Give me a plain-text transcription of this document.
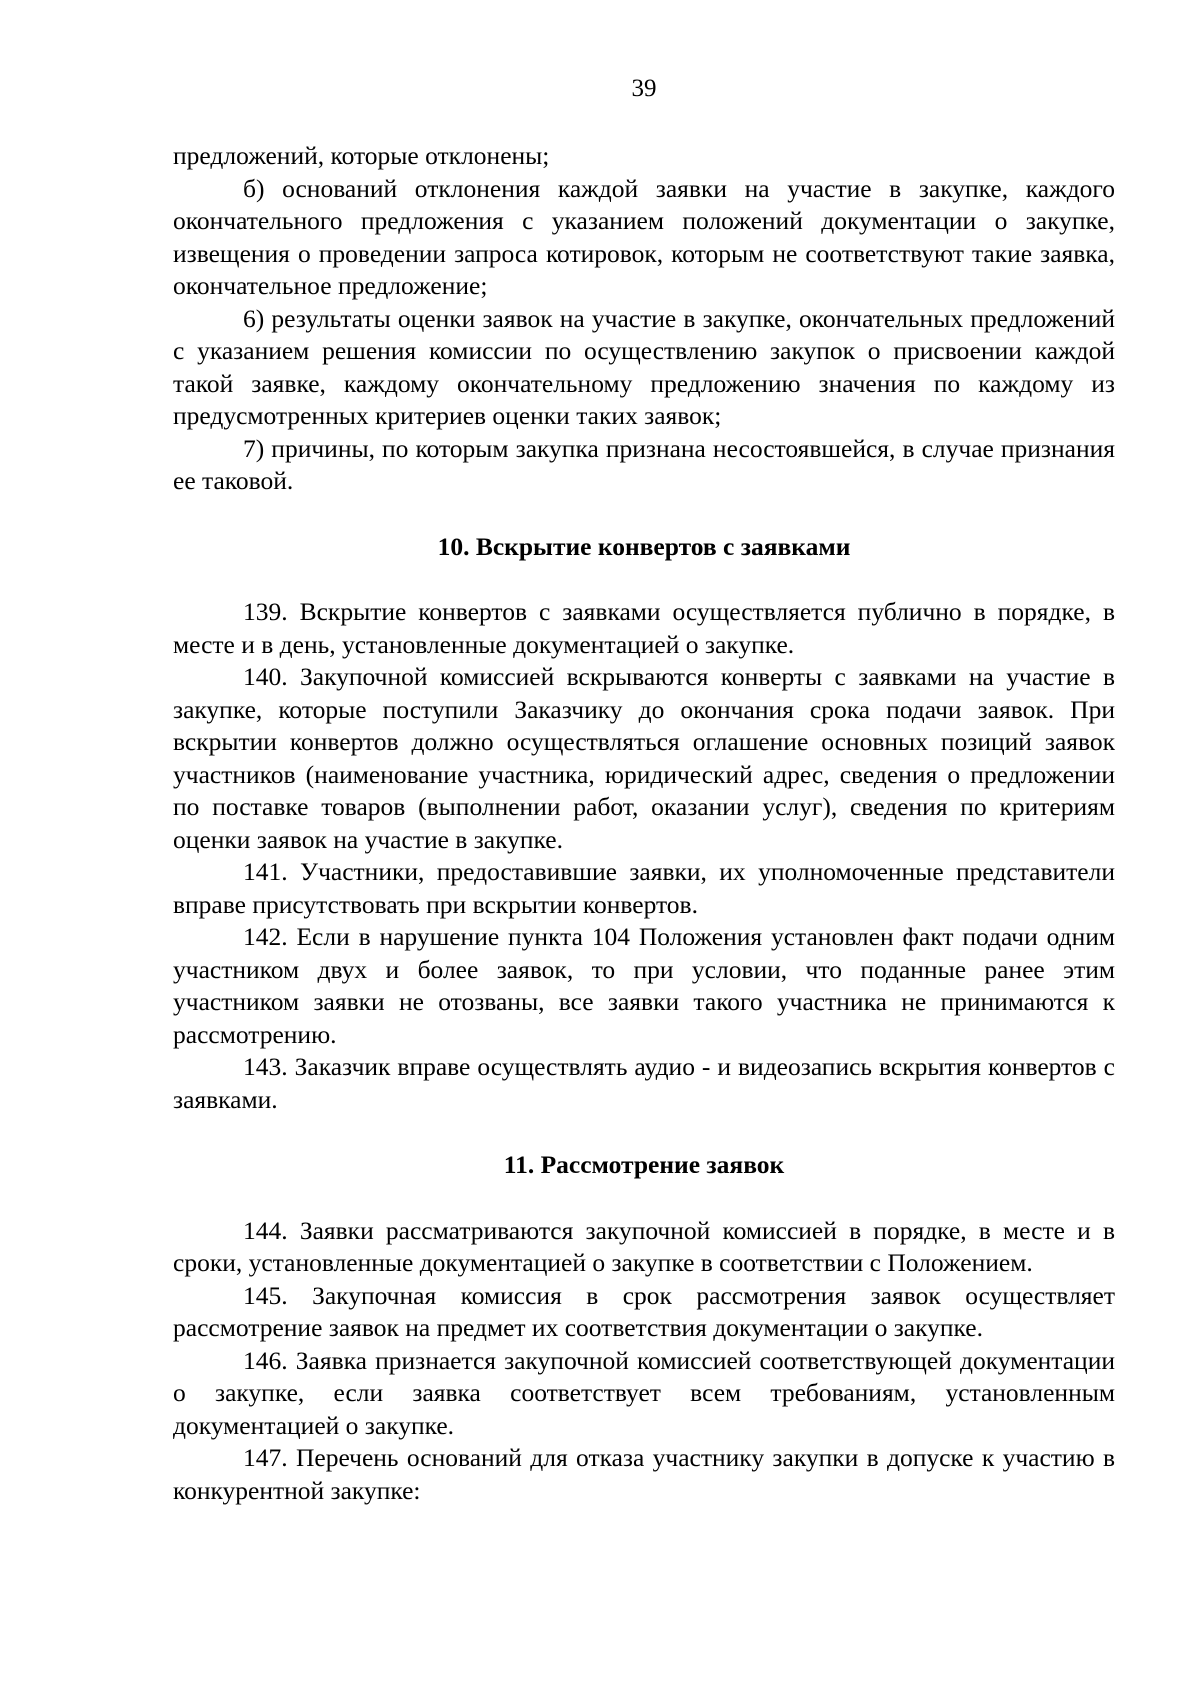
39

предложений, которые отклонены;

б) оснований отклонения каждой заявки на участие в закупке, каждого окончательного предложения с указанием положений документации о закупке, извещения о проведении запроса котировок, которым не соответствуют такие заявка, окончательное предложение;

6) результаты оценки заявок на участие в закупке, окончательных предложений с указанием решения комиссии по осуществлению закупок о присвоении каждой такой заявке, каждому окончательному предложению значения по каждому из предусмотренных критериев оценки таких заявок;

7) причины, по которым закупка признана несостоявшейся, в случае признания ее таковой.

10. Вскрытие конвертов с заявками

139. Вскрытие конвертов с заявками осуществляется публично в порядке, в месте и в день, установленные документацией о закупке.

140. Закупочной комиссией вскрываются конверты с заявками на участие в закупке, которые поступили Заказчику до окончания срока подачи заявок. При вскрытии конвертов должно осуществляться оглашение основных позиций заявок участников (наименование участника, юридический адрес, сведения о предложении по поставке товаров (выполнении работ, оказании услуг), сведения по критериям оценки заявок на участие в закупке.

141. Участники, предоставившие заявки, их уполномоченные представители вправе присутствовать при вскрытии конвертов.

142. Если в нарушение пункта 104 Положения установлен факт подачи одним участником двух и более заявок, то при условии, что поданные ранее этим участником заявки не отозваны, все заявки такого участника не принимаются к рассмотрению.

143. Заказчик вправе осуществлять аудио - и видеозапись вскрытия конвертов с заявками.

11. Рассмотрение заявок

144. Заявки рассматриваются закупочной комиссией в порядке, в месте и в сроки, установленные документацией о закупке в соответствии с Положением.

145. Закупочная комиссия в срок рассмотрения заявок осуществляет рассмотрение заявок на предмет их соответствия документации о закупке.

146. Заявка признается закупочной комиссией соответствующей документации о закупке, если заявка соответствует всем требованиям, установленным документацией о закупке.

147. Перечень оснований для отказа участнику закупки в допуске к участию в конкурентной закупке:
